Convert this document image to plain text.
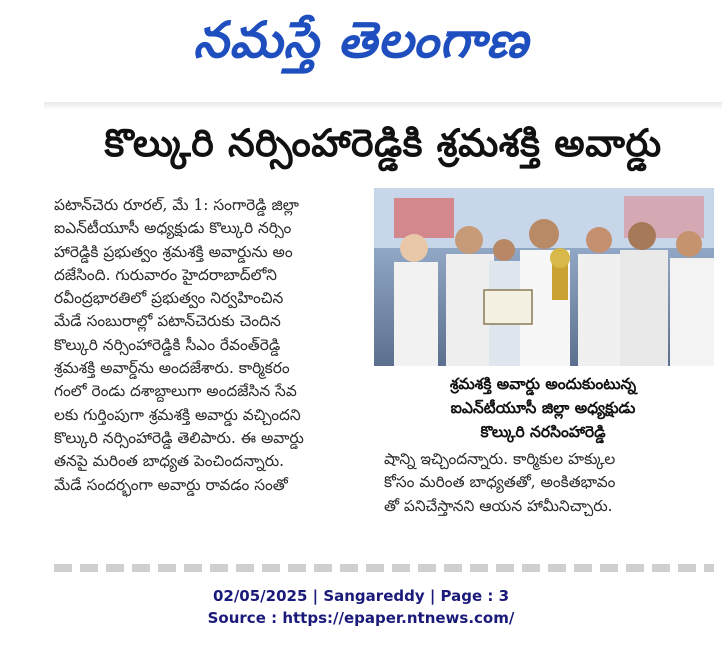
నమస్తే తెలంగాణ
కొల్కురి నర్సింహారెడ్డికి శ్రమశక్తి అవార్డు

పటాన్‌చెరు రూరల్, మే 1: సంగారెడ్డి జిల్లా

ఐఎన్‌టీయూసీ అధ్యక్షుడు కొల్కురి నర్సిం

హారెడ్డికి ప్రభుత్వం శ్రమశక్తి అవార్డును అం

దజేసింది. గురువారం హైదరాబాద్‌లోని

రవీంద్రభారతిలో ప్రభుత్వం నిర్వహించిన

మేడే సంబురాల్లో పటాన్‌చెరుకు చెందిన

కొల్కురి నర్సింహారెడ్డికి సీఎం రేవంత్‌రెడ్డి

శ్రమశక్తి అవార్డ్‌ను అందజేశారు. కార్మికరం

గంలో రెండు దశాబ్దాలుగా అందజేసిన సేవ

లకు గుర్తింపుగా శ్రమశక్తి అవార్డు వచ్చిందని

కొల్కురి నర్సింహారెడ్డి తెలిపారు. ఈ అవార్డు

తనపై మరింత బాధ్యత పెంచిందన్నారు.

మేడే సందర్భంగా అవార్డు రావడం సంతో

శ్రమశక్తి అవార్డు అందుకుంటున్న
ఐఎన్‌టీయూసీ జిల్లా అధ్యక్షుడు
కొల్కురి నరసింహారెడ్డి

షాన్ని ఇచ్చిందన్నారు. కార్మికుల హక్కుల

కోసం మరింత బాధ్యతతో, అంకితభావం

తో పనిచేస్తానని ఆయన హామీనిచ్చారు.

02/05/2025 | Sangareddy | Page : 3
Source : https://epaper.ntnews.com/
